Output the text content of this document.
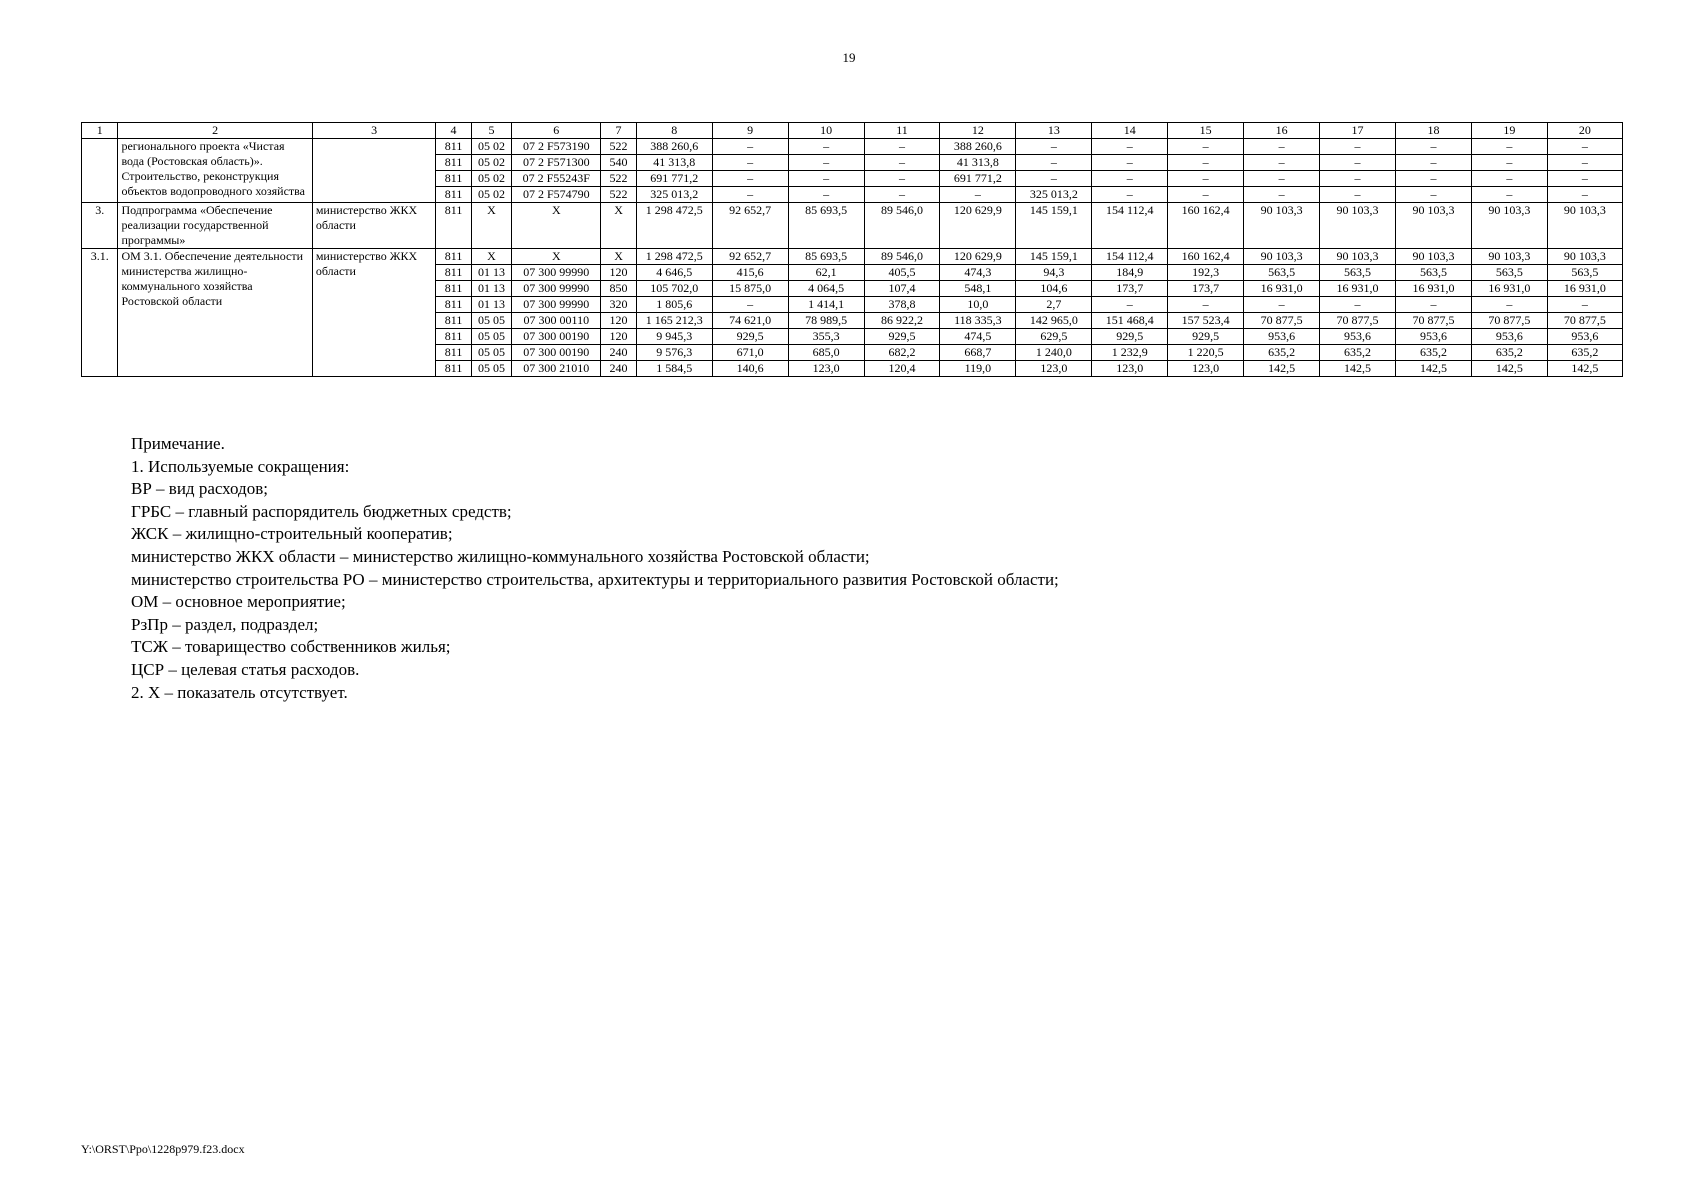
19
1	2	3	4	5	6	7	8	9	10	11	12	13	14	15	16	17	18	19	20
	регионального проекта «Чистая вода (Ростовская область)». Строительство, реконструкция объектов водопроводного хозяйства		811	05 02	07 2 F573190	522	388 260,6	–	–	–	388 260,6	–	–	–	–	–	–	–	–
			811	05 02	07 2 F571300	540	41 313,8	–	–	–	41 313,8	–	–	–	–	–	–	–	–
			811	05 02	07 2 F55243F	522	691 771,2	–	–	–	691 771,2	–	–	–	–	–	–	–	–
			811	05 02	07 2 F574790	522	325 013,2	–	–	–	–	325 013,2	–	–	–	–	–	–	–
3.	Подпрограмма «Обеспечение реализации государственной программы»	министерство ЖКХ области	811	Х	Х	Х	1 298 472,5	92 652,7	85 693,5	89 546,0	120 629,9	145 159,1	154 112,4	160 162,4	90 103,3	90 103,3	90 103,3	90 103,3	90 103,3
3.1.	ОМ 3.1. Обеспечение деятельности министерства жилищно-коммунального хозяйства Ростовской области	министерство ЖКХ области	811	Х	Х	Х	1 298 472,5	92 652,7	85 693,5	89 546,0	120 629,9	145 159,1	154 112,4	160 162,4	90 103,3	90 103,3	90 103,3	90 103,3	90 103,3
			811	01 13	07 300 99990	120	4 646,5	415,6	62,1	405,5	474,3	94,3	184,9	192,3	563,5	563,5	563,5	563,5	563,5
			811	01 13	07 300 99990	850	105 702,0	15 875,0	4 064,5	107,4	548,1	104,6	173,7	173,7	16 931,0	16 931,0	16 931,0	16 931,0	16 931,0
			811	01 13	07 300 99990	320	1 805,6	–	1 414,1	378,8	10,0	2,7	–	–	–	–	–	–	–
			811	05 05	07 300 00110	120	1 165 212,3	74 621,0	78 989,5	86 922,2	118 335,3	142 965,0	151 468,4	157 523,4	70 877,5	70 877,5	70 877,5	70 877,5	70 877,5
			811	05 05	07 300 00190	120	9 945,3	929,5	355,3	929,5	474,5	629,5	929,5	929,5	953,6	953,6	953,6	953,6	953,6
			811	05 05	07 300 00190	240	9 576,3	671,0	685,0	682,2	668,7	1 240,0	1 232,9	1 220,5	635,2	635,2	635,2	635,2	635,2
			811	05 05	07 300 21010	240	1 584,5	140,6	123,0	120,4	119,0	123,0	123,0	123,0	142,5	142,5	142,5	142,5	142,5
Примечание.
1. Используемые сокращения:
ВР – вид расходов;
ГРБС – главный распорядитель бюджетных средств;
ЖСК – жилищно-строительный кооператив;
министерство ЖКХ области – министерство жилищно-коммунального хозяйства Ростовской области;
министерство строительства РО – министерство строительства, архитектуры и территориального развития Ростовской области;
ОМ – основное мероприятие;
РзПр – раздел, подраздел;
ТСЖ – товарищество собственников жилья;
ЦСР – целевая статья расходов.
2. Х – показатель отсутствует.
Y:\ORST\Ppo\1228p979.f23.docx
